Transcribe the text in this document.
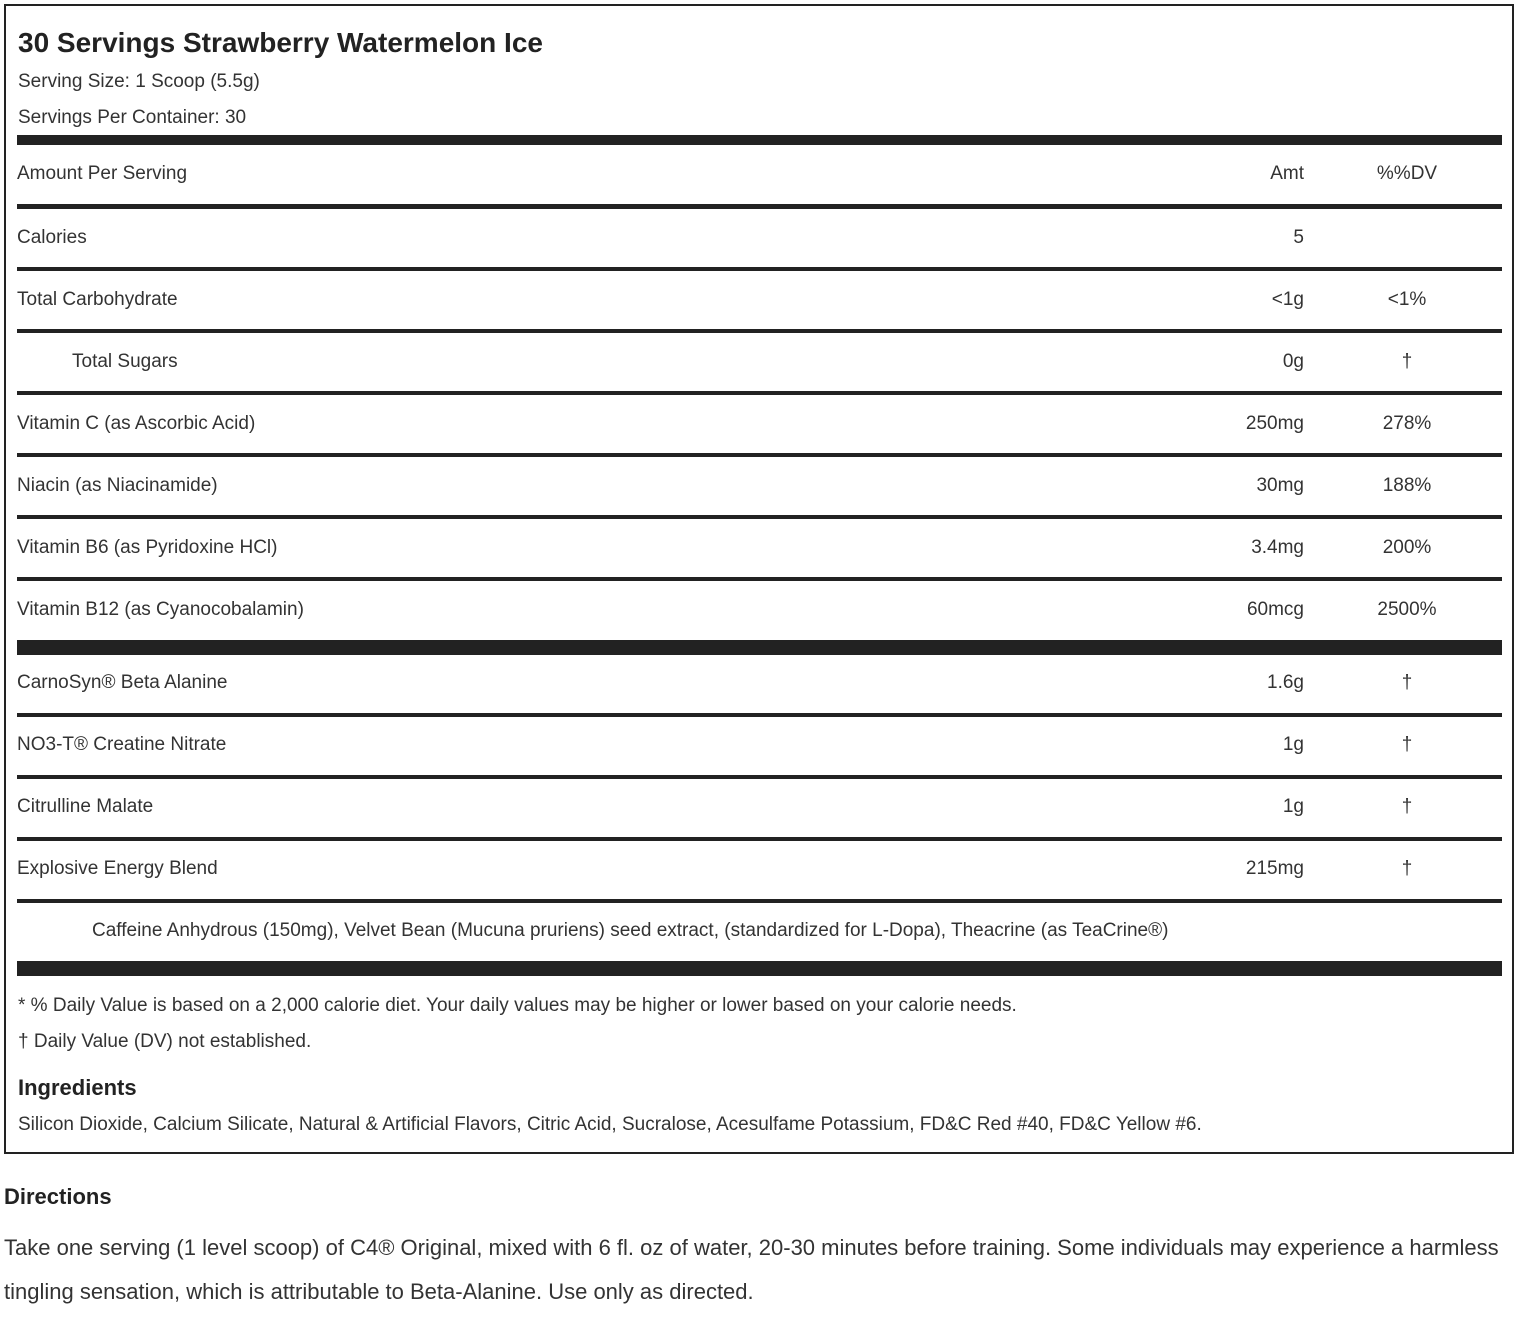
30 Servings Strawberry Watermelon Ice
Serving Size: 1 Scoop (5.5g)
Servings Per Container: 30
Amount Per Serving	Amt	%%DV
Calories	5
Total Carbohydrate	<1g	<1%
Total Sugars	0g	†
Vitamin C (as Ascorbic Acid)	250mg	278%
Niacin (as Niacinamide)	30mg	188%
Vitamin B6 (as Pyridoxine HCl)	3.4mg	200%
Vitamin B12 (as Cyanocobalamin)	60mcg	2500%
CarnoSyn® Beta Alanine	1.6g	†
NO3-T® Creatine Nitrate	1g	†
Citrulline Malate	1g	†
Explosive Energy Blend	215mg	†
Caffeine Anhydrous (150mg), Velvet Bean (Mucuna pruriens) seed extract, (standardized for L-Dopa), Theacrine (as TeaCrine®)
* % Daily Value is based on a 2,000 calorie diet. Your daily values may be higher or lower based on your calorie needs.
† Daily Value (DV) not established.
Ingredients
Silicon Dioxide, Calcium Silicate, Natural & Artificial Flavors, Citric Acid, Sucralose, Acesulfame Potassium, FD&C Red #40, FD&C Yellow #6.
Directions
Take one serving (1 level scoop) of C4® Original, mixed with 6 fl. oz of water, 20-30 minutes before training. Some individuals may experience a harmless tingling sensation, which is attributable to Beta-Alanine. Use only as directed.
